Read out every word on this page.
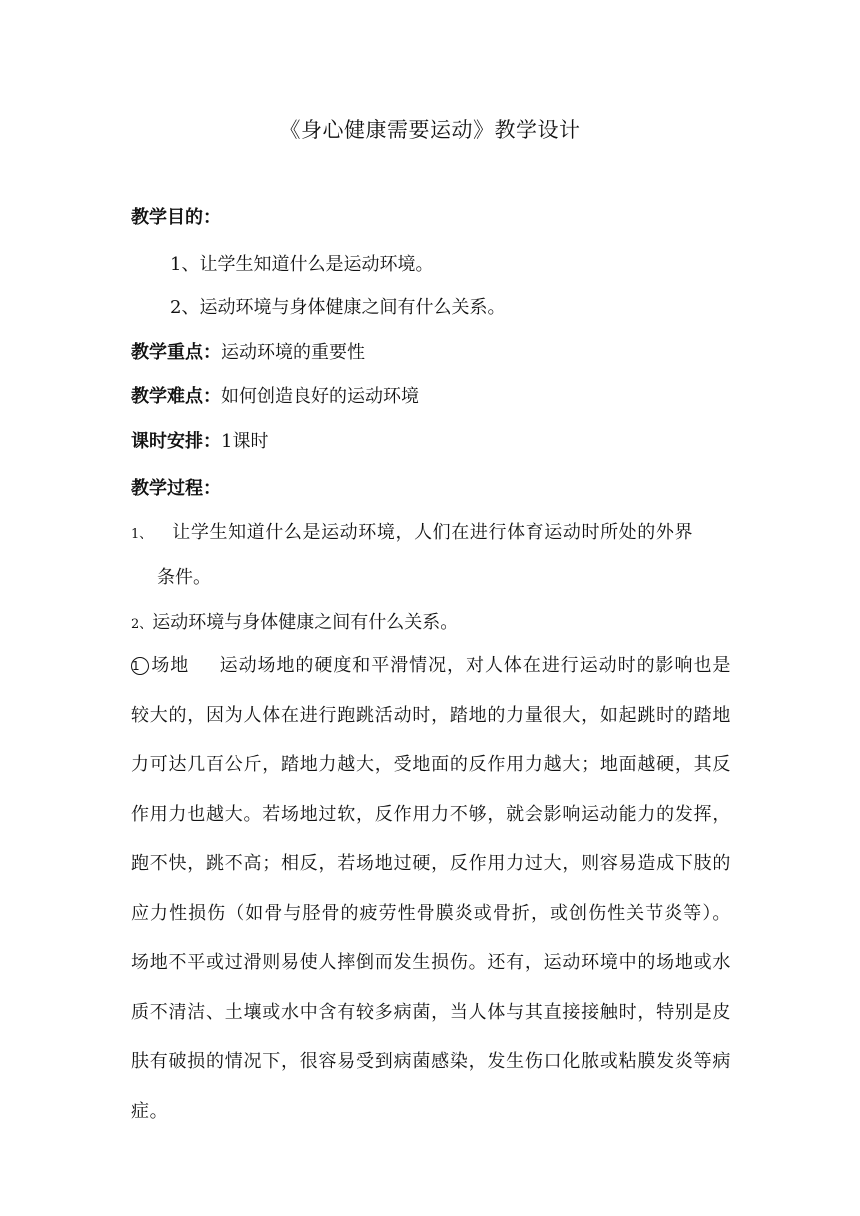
《身心健康需要运动》教学设计
教学目的：
1、让学生知道什么是运动环境。
2、运动环境与身体健康之间有什么关系。
教学重点：运动环境的重要性
教学难点：如何创造良好的运动环境
课时安排：1课时
教学过程：
1、 让学生知道什么是运动环境，人们在进行体育运动时所处的外界
条件。
2、运动环境与身体健康之间有什么关系。
1 场地 运动场地的硬度和平滑情况，对人体在进行运动时的影响也是较大的，因为人体在进行跑跳活动时，踏地的力量很大，如起跳时的踏地力可达几百公斤，踏地力越大，受地面的反作用力越大；地面越硬，其反作用力也越大。若场地过软，反作用力不够，就会影响运动能力的发挥，跑不快，跳不高；相反，若场地过硬，反作用力过大，则容易造成下肢的应力性损伤（如骨与胫骨的疲劳性骨膜炎或骨折，或创伤性关节炎等）。场地不平或过滑则易使人摔倒而发生损伤。还有，运动环境中的场地或水质不清洁、土壤或水中含有较多病菌，当人体与其直接接触时，特别是皮肤有破损的情况下，很容易受到病菌感染，发生伤口化脓或粘膜发炎等病症。
